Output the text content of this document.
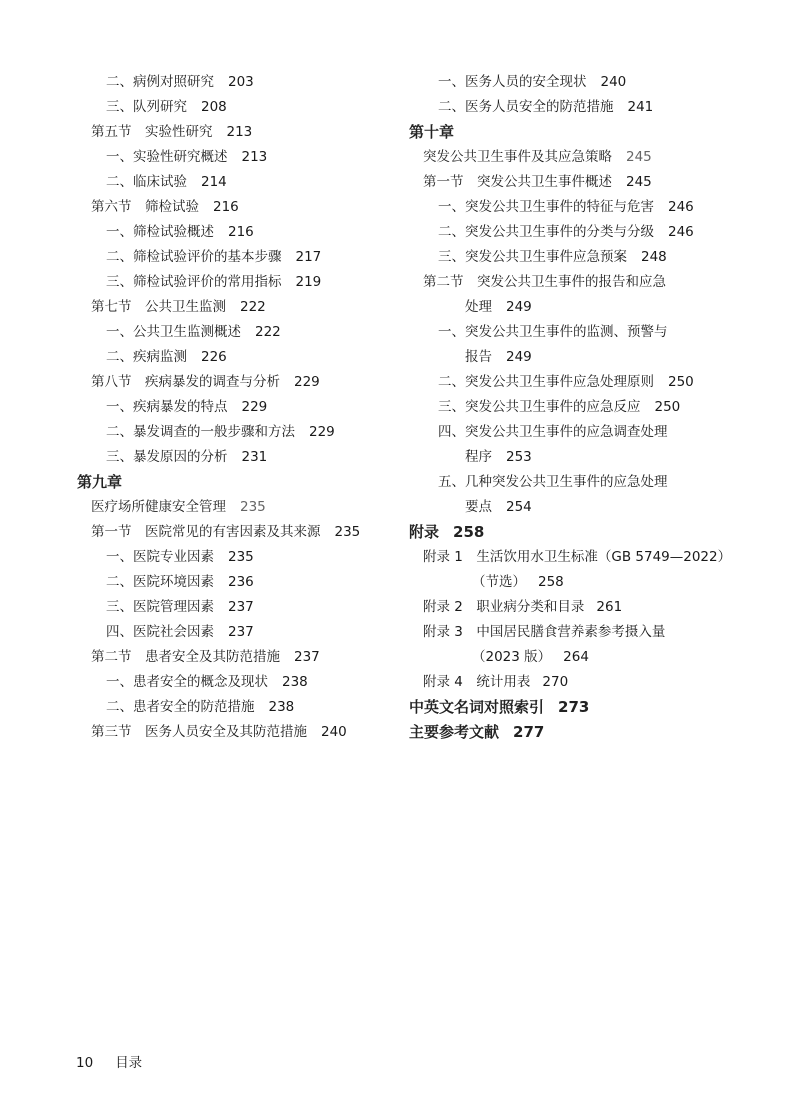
二、病例对照研究 203
三、队列研究 208
第五节　实验性研究 213
一、实验性研究概述 213
二、临床试验 214
第六节　筛检试验 216
一、筛检试验概述 216
二、筛检试验评价的基本步骤 217
三、筛检试验评价的常用指标 219
第七节　公共卫生监测 222
一、公共卫生监测概述 222
二、疾病监测 226
第八节　疾病暴发的调查与分析 229
一、疾病暴发的特点 229
二、暴发调查的一般步骤和方法 229
三、暴发原因的分析 231
第九章
医疗场所健康安全管理 235
第一节　医院常见的有害因素及其来源 235
一、医院专业因素 235
二、医院环境因素 236
三、医院管理因素 237
四、医院社会因素 237
第二节　患者安全及其防范措施 237
一、患者安全的概念及现状 238
二、患者安全的防范措施 238
第三节　医务人员安全及其防范措施 240
一、医务人员的安全现状 240
二、医务人员安全的防范措施 241
第十章
突发公共卫生事件及其应急策略 245
第一节　突发公共卫生事件概述 245
一、突发公共卫生事件的特征与危害 246
二、突发公共卫生事件的分类与分级 246
三、突发公共卫生事件应急预案 248
第二节　突发公共卫生事件的报告和应急
处理 249
一、突发公共卫生事件的监测、预警与
报告 249
二、突发公共卫生事件应急处理原则 250
三、突发公共卫生事件的应急反应 250
四、突发公共卫生事件的应急调查处理
程序 253
五、几种突发公共卫生事件的应急处理
要点 254
附录 258
附录 1　生活饮用水卫生标准（GB 5749—2022）
（节选） 258
附录 2　职业病分类和目录 261
附录 3　中国居民膳食营养素参考摄入量
（2023 版） 264
附录 4　统计用表 270
中英文名词对照索引 273
主要参考文献 277
10 目录
